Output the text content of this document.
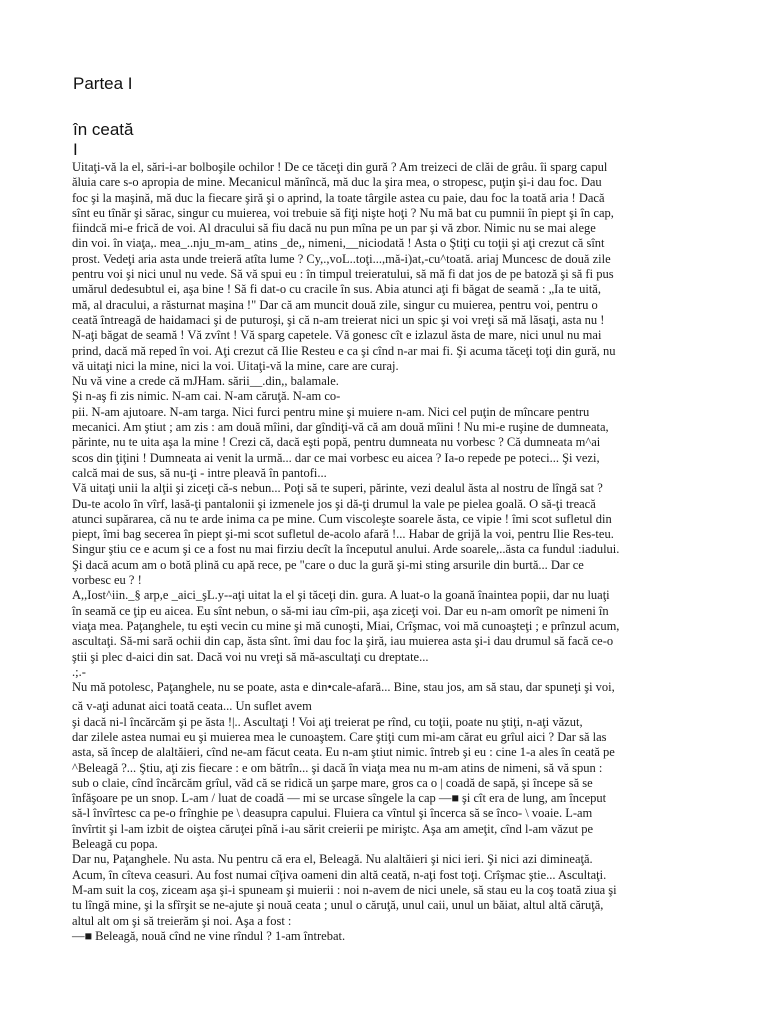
Partea I
în ceată
I
Uitaţi-vă la el, sări-i-ar bolboşile ochilor ! De ce tăceţi din gură ? Am treizeci de clăi de grâu. îi sparg capul
ăluia care s-o apropia de mine. Mecanicul mănîncă, mă duc la şira mea, o stropesc, puţin şi-i dau foc. Dau
foc şi la maşină, mă duc la fiecare şiră şi o aprind, la toate târgile astea cu paie, dau foc la toată aria ! Dacă
sînt eu tînăr şi sărac, singur cu muierea, voi trebuie să fiţi nişte hoţi ? Nu mă bat cu pumnii în piept şi în cap,
fiindcă mi-e frică de voi. Al dracului să fiu dacă nu pun mîna pe un par şi vă zbor. Nimic nu se mai alege
din voi. în viaţa,. mea_..nju_m-am_ atins _de,, nimeni,__niciodată ! Asta o Ştiţi cu toţii şi aţi crezut că sînt
prost. Vedeţi aria asta unde treieră atîta lume ? Cy,.,voL..toţi...,mă-i)at,-cu^toată. ariaj Muncesc de două zile
pentru voi şi nici unul nu vede. Să vă spui eu : în timpul treieratului, să mă fi dat jos de pe batoză şi să fi pus
umărul dedesubtul ei, aşa bine ! Să fi dat-o cu cracile în sus. Abia atunci aţi fi băgat de seamă : „Ia te uită,
mă, al dracului, a răsturnat maşina !" Dar că am muncit două zile, singur cu muierea, pentru voi, pentru o
ceată întreagă de haidamaci şi de puturoşi, şi că n-am treierat nici un spic şi voi vreţi să mă lăsaţi, asta nu !
N-aţi băgat de seamă ! Vă zvînt ! Vă sparg capetele. Vă gonesc cît e izlazul ăsta de mare, nici unul nu mai
prind, dacă mă reped în voi. Aţi crezut că Ilie Resteu e ca şi cînd n-ar mai fi. Şi acuma tăceţi toţi din gură, nu
vă uitaţi nici la mine, nici la voi. Uitaţi-vă la mine, care are curaj.
Nu vă vine a crede că mJHam. sării__.din,, balamale.
Şi n-aş fi zis nimic. N-am cai. N-am căruţă. N-am co-
pii. N-am ajutoare. N-am targa. Nici furci pentru mine şi muiere n-am. Nici cel puţin de mîncare pentru
mecanici. Am ştiut ; am zis : am două mîini, dar gîndiţi-vă că am două mîini ! Nu mi-e ruşine de dumneata,
părinte, nu te uita aşa la mine ! Crezi că, dacă eşti popă, pentru dumneata nu vorbesc ? Că dumneata m^ai
scos din ţiţini ! Dumneata ai venit la urmă... dar ce mai vorbesc eu aicea ? Ia-o repede pe poteci... Şi vezi,
calcă mai de sus, să nu-ţi - intre pleavă în pantofi...
Vă uitaţi unii la alţii şi ziceţi că-s nebun... Poţi să te superi, părinte, vezi dealul ăsta al nostru de lîngă sat ?
Du-te acolo în vîrf, lasă-ţi pantalonii şi izmenele jos şi dă-ţi drumul la vale pe pielea goală. O să-ţi treacă
atunci supărarea, că nu te arde inima ca pe mine. Cum viscoleşte soarele ăsta, ce vipie ! îmi scot sufletul din
piept, îmi bag secerea în piept şi-mi scot sufletul de-acolo afară !... Habar de grijă la voi, pentru Ilie Res-teu.
Singur ştiu ce e acum şi ce a fost nu mai firziu decît la începutul anului. Arde soarele,..ăsta ca fundul :iadului.
Şi dacă acum am o botă plină cu apă rece, pe "care o duc la gură şi-mi sting arsurile din burtă... Dar ce
vorbesc eu ? !
A,,Iost^iin._§ arp,e _aici_şL.y--aţi uitat la el şi tăceţi din. gura. A luat-o la goană înaintea popii, dar nu luaţi
în seamă ce ţip eu aicea. Eu sînt nebun, o să-mi iau cîm-pii, aşa ziceţi voi. Dar eu n-am omorît pe nimeni în
viaţa mea. Paţanghele, tu eşti vecin cu mine şi mă cunoşti, Miai, Crîşmac, voi mă cunoaşteţi ; e prînzul acum,
ascultaţi. Să-mi sară ochii din cap, ăsta sînt. îmi dau foc la şiră, iau muierea asta şi-i dau drumul să facă ce-o
ştii şi plec d-aici din sat. Dacă voi nu vreţi să mă-ascultaţi cu dreptate...
.;.-
Nu mă potolesc, Paţanghele, nu se poate, asta e din•cale-afară... Bine, stau jos, am să stau, dar spuneţi şi voi,
că v-aţi adunat aici toată ceata... Un suflet avem
şi dacă ni-l încărcăm şi pe ăsta !|.. Ascultaţi ! Voi aţi treierat pe rînd, cu toţii, poate nu ştiţi, n-aţi văzut,
dar zilele astea numai eu şi muierea mea le cunoaştem. Care ştiţi cum mi-am cărat eu grîul aici ? Dar să las
asta, să încep de alaltăieri, cînd ne-am făcut ceata. Eu n-am ştiut nimic. întreb şi eu : cine 1-a ales în ceată pe
^Beleagă ?... Ştiu, aţi zis fiecare : e om bătrîn... şi dacă în viaţa mea nu m-am atins de nimeni, să vă spun :
sub o claie, cînd încărcăm grîul, văd că se ridică un şarpe mare, gros ca o | coadă de sapă, şi începe să se
înfăşoare pe un snop. L-am / luat de coadă — mi se urcase sîngele la cap —■ şi cît era de lung, am început
să-l învîrtesc ca pe-o frînghie pe \ deasupra capului. Fluiera ca vîntul şi încerca să se înco- \ voaie. L-am
învîrtit şi l-am izbit de oiştea căruţei pînă i-au sărit creierii pe miriştc. Aşa am ameţit, cînd l-am văzut pe
Beleagă cu popa.
Dar nu, Paţanghele. Nu asta. Nu pentru că era el, Beleagă. Nu alaltăieri şi nici ieri. Şi nici azi dimineaţă.
Acum, în cîteva ceasuri. Au fost numai cîţiva oameni din altă ceată, n-aţi fost toţi. Crîşmac ştie... Ascultaţi.
M-am suit la coş, ziceam aşa şi-i spuneam şi muierii : noi n-avem de nici unele, să stau eu la coş toată ziua şi
tu lîngă mine, şi la sfîrşit se ne-ajute şi nouă ceata ; unul o căruţă, unul caii, unul un băiat, altul altă căruţă,
altul alt om şi să treierăm şi noi. Aşa a fost :
—■ Beleagă, nouă cînd ne vine rîndul ? 1-am întrebat.
